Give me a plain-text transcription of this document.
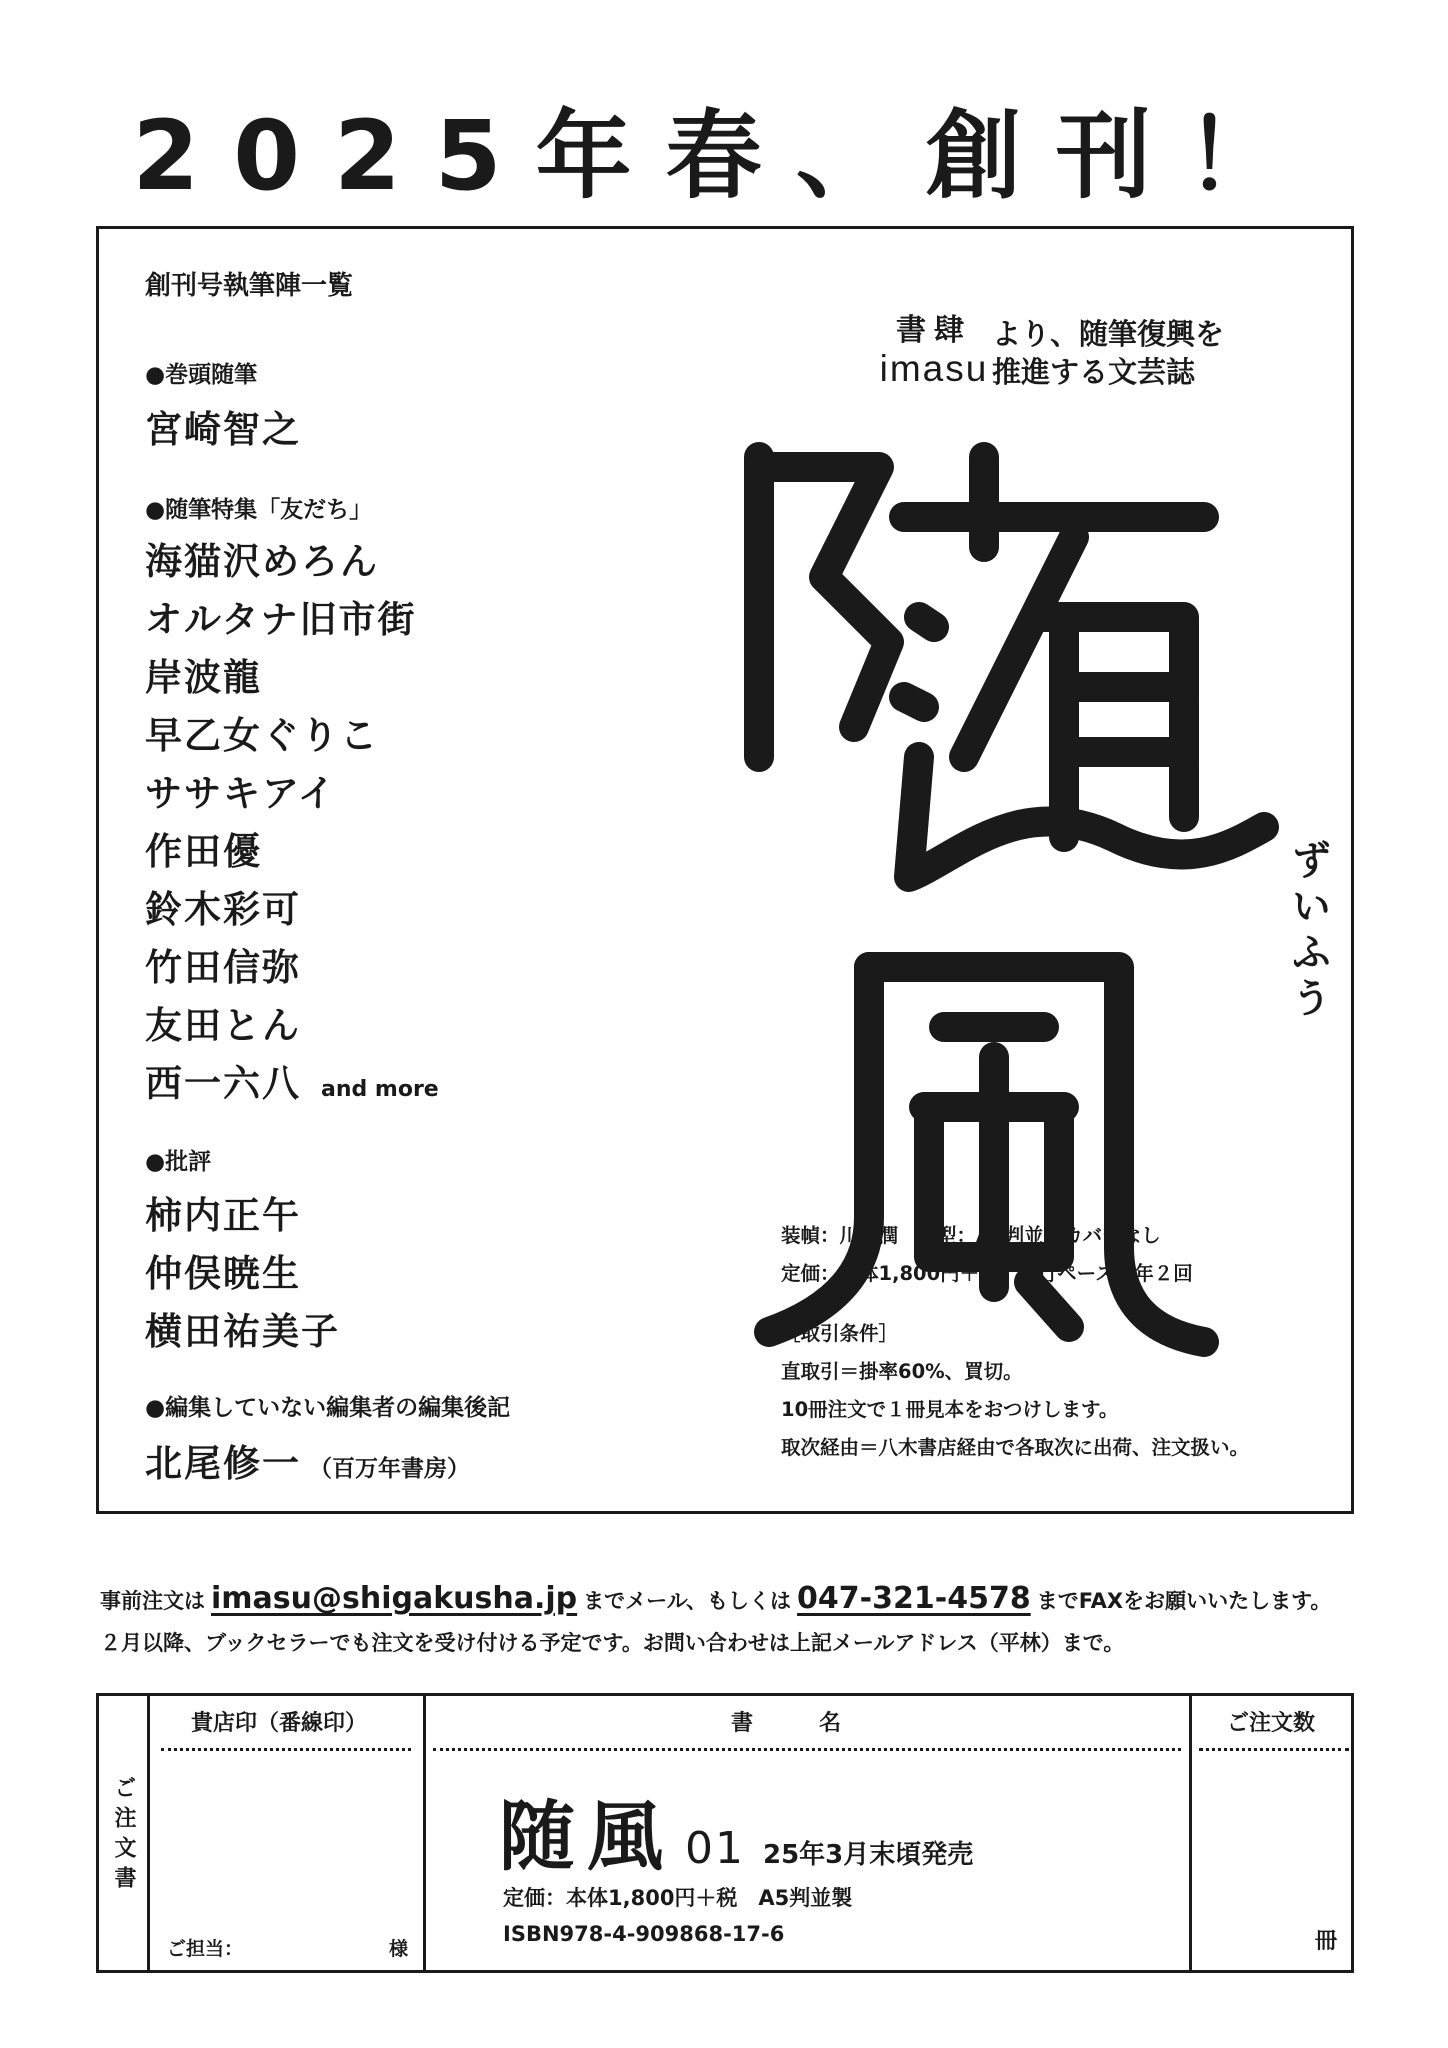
2025年春、創刊！
創刊号執筆陣一覧
●巻頭随筆
宮崎智之
●随筆特集「友だち」
海猫沢めろん
オルタナ旧市街
岸波龍
早乙女ぐりこ
ササキアイ
作田優
鈴木彩可
竹田信弥
友田とん
西一六八 and more
●批評
柿内正午
仲俣暁生
横田祐美子
●編集していない編集者の編集後記
北尾修一 （百万年書房）
書肆
imasu
より、随筆復興を
推進する文芸誌
ずいふう
装幀：川名潤　判型：A5判並製カバーなし
定価：本体1,800円＋税　刊行ペース：年２回
［取引条件］
直取引＝掛率60%、買切。
10冊注文で１冊見本をおつけします。
取次経由＝八木書店経由で各取次に出荷、注文扱い。
事前注文は imasu@shigakusha.jp までメール、もしくは 047-321-4578 までFAXをお願いいたします。
２月以降、ブックセラーでも注文を受け付ける予定です。お問い合わせは上記メールアドレス（平林）まで。
ご注文書
貴店印（番線印）
ご担当：	様
書　　　名
随風 01 25年3月末頃発売
定価：本体1,800円＋税　A5判並製
ISBN978-4-909868-17-6
ご注文数
冊
